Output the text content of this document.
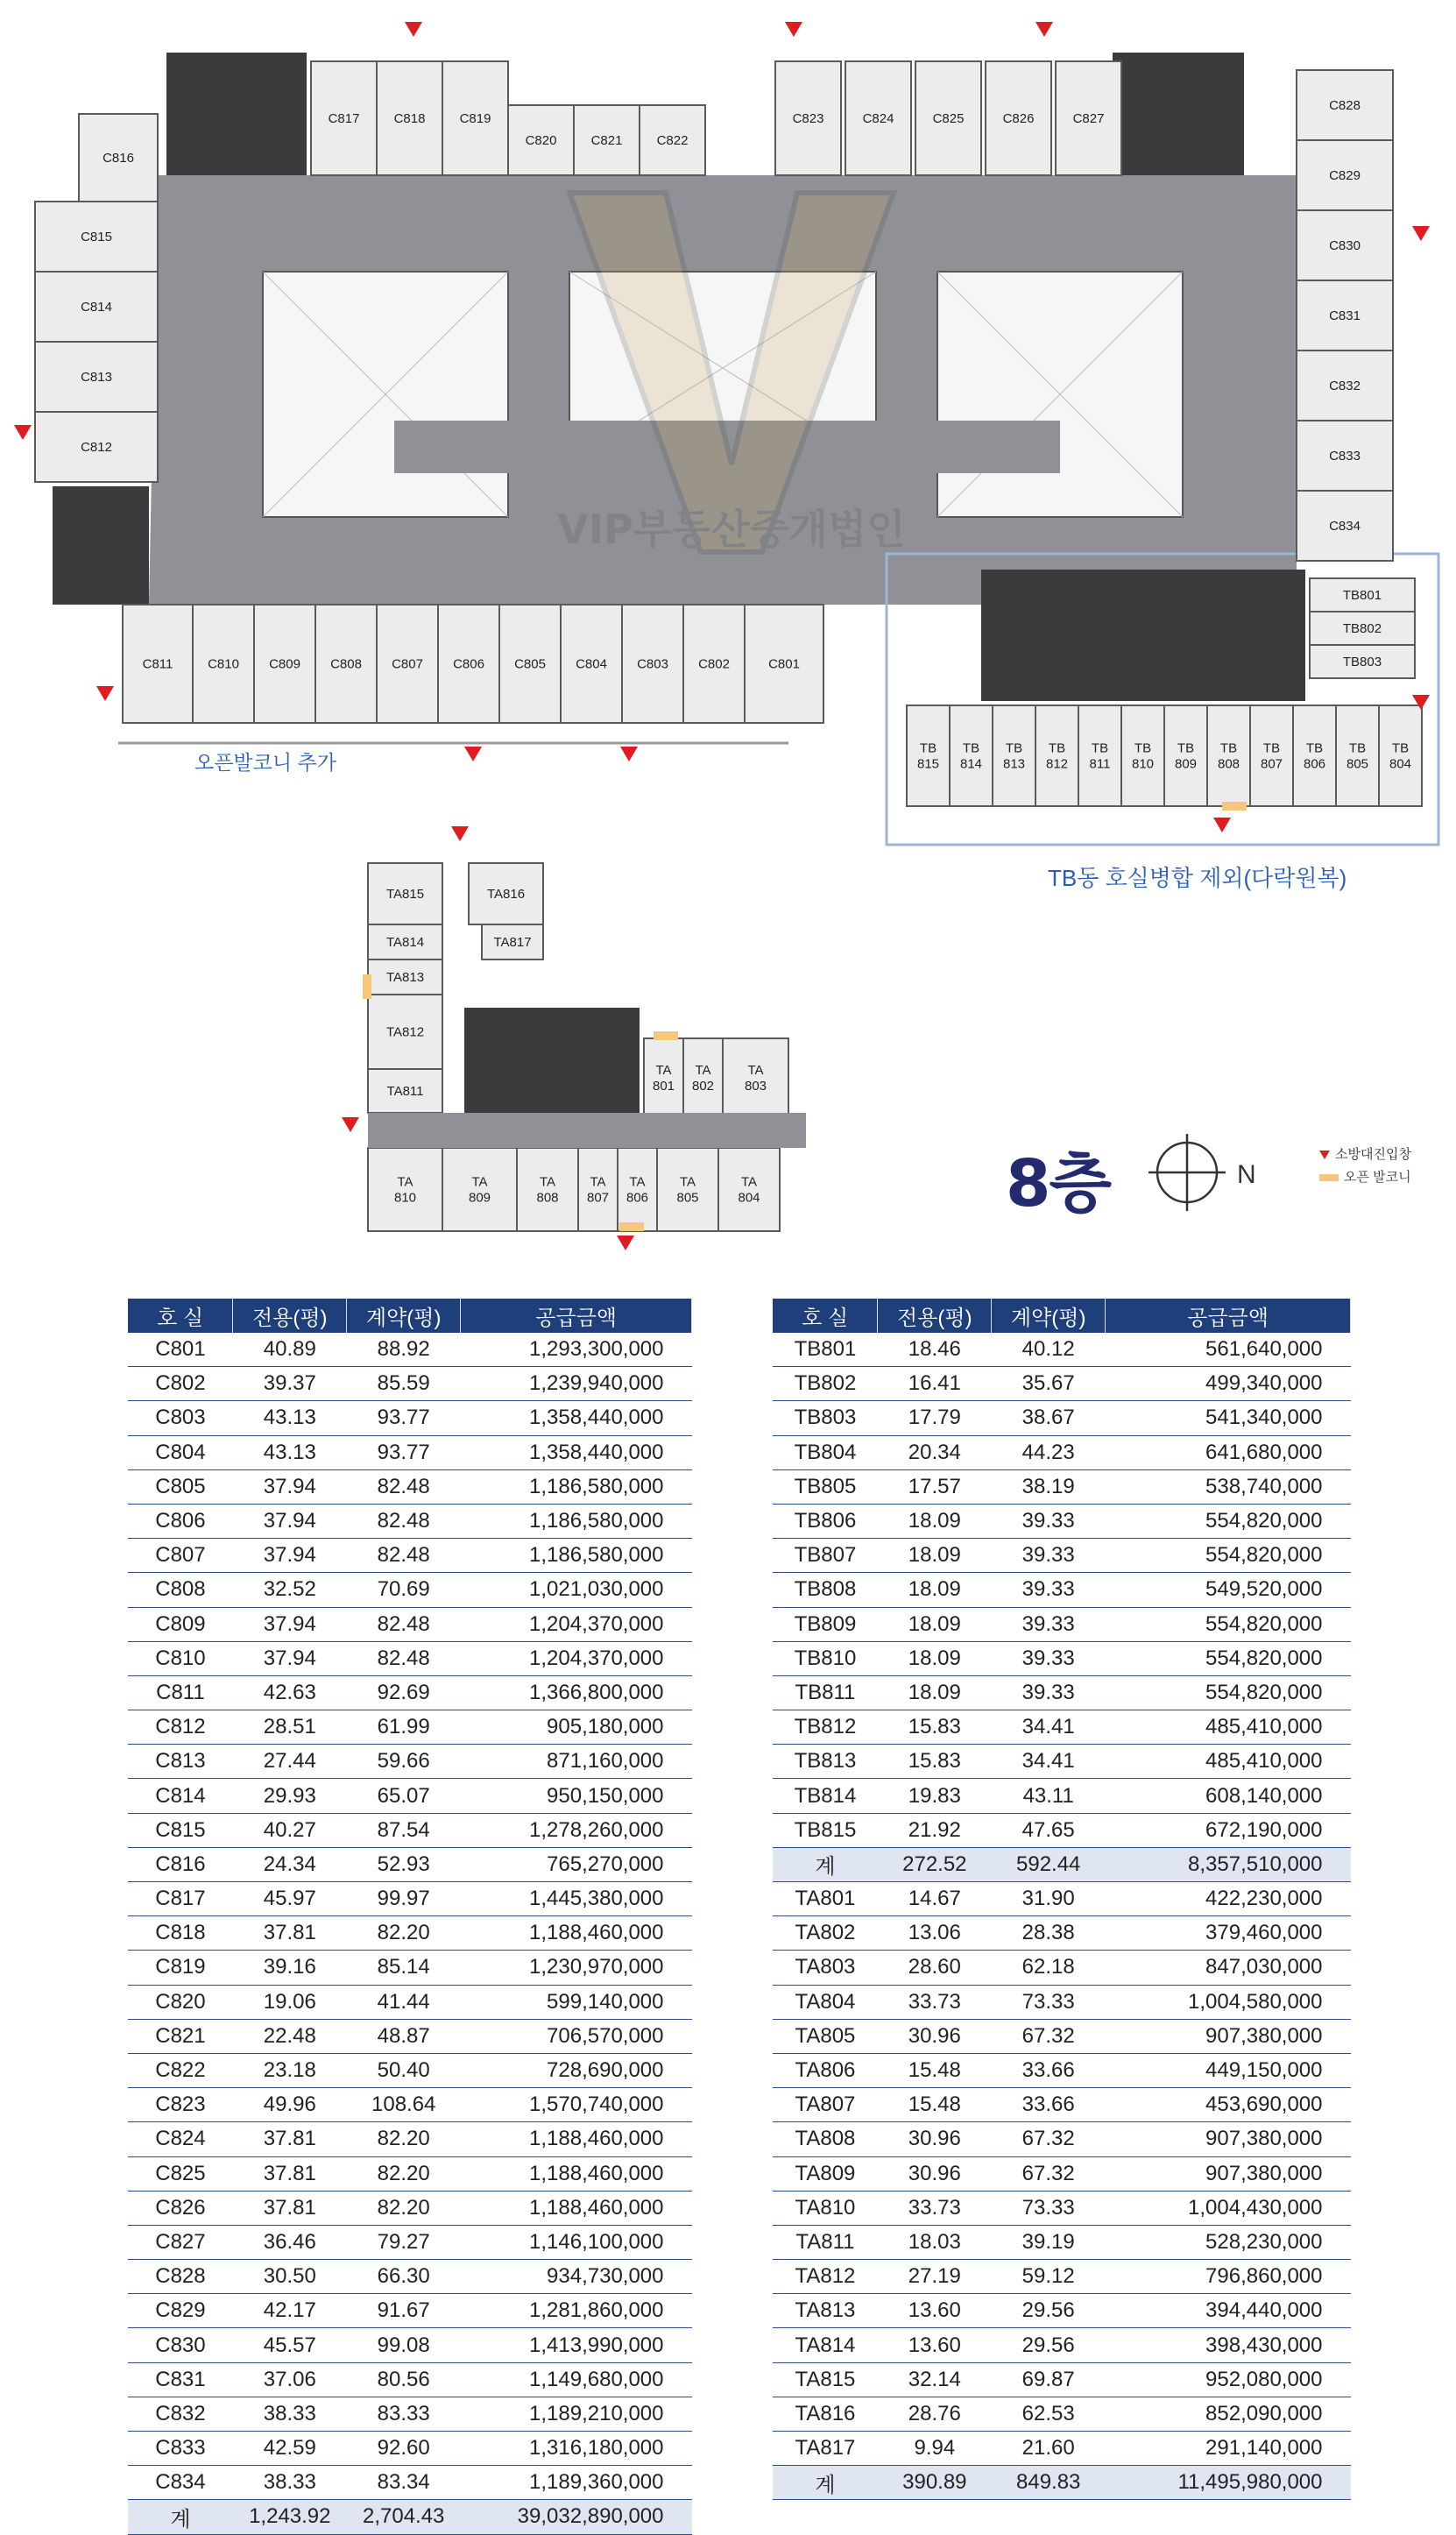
C817	C818	C819
C820	C821	C822
C823	C824	C825	C826	C827
C828
C829
C830
C831
C832
C833
C834
C816
C815
C814
C813
C812
C811	C810 C809 C808 C807 C806 C805 C804 C803 C802	C801
TB801
TB802
TB803
TB
815
TB
814
TB
813
TB
812
TB
811
TB
810
TB
809
TB
808
TB
807
TB
806
TB
805
TB
804
TA815
TA814
TA813
TA812
TA811
TA816
TA817
TA
801
TA
802
TA
803
TA
810
TA
809
TA
808
TA
807
TA
806
TA
805
TA
804
N
VIP부동산중개법인
오픈발코니 추가
TB동 호실병합 제외(다락원복)
8층	소방대진입창
오픈 발코니
호 실	전용(평)	계약(평)	공급금액
C801	40.89	88.92	1,293,300,000
C802	39.37	85.59	1,239,940,000
C803	43.13	93.77	1,358,440,000
C804	43.13	93.77	1,358,440,000
C805	37.94	82.48	1,186,580,000
C806	37.94	82.48	1,186,580,000
C807	37.94	82.48	1,186,580,000
C808	32.52	70.69	1,021,030,000
C809	37.94	82.48	1,204,370,000
C810	37.94	82.48	1,204,370,000
C811	42.63	92.69	1,366,800,000
C812	28.51	61.99	905,180,000
C813	27.44	59.66	871,160,000
C814	29.93	65.07	950,150,000
C815	40.27	87.54	1,278,260,000
C816	24.34	52.93	765,270,000
C817	45.97	99.97	1,445,380,000
C818	37.81	82.20	1,188,460,000
C819	39.16	85.14	1,230,970,000
C820	19.06	41.44	599,140,000
C821	22.48	48.87	706,570,000
C822	23.18	50.40	728,690,000
C823	49.96	108.64	1,570,740,000
C824	37.81	82.20	1,188,460,000
C825	37.81	82.20	1,188,460,000
C826	37.81	82.20	1,188,460,000
C827	36.46	79.27	1,146,100,000
C828	30.50	66.30	934,730,000
C829	42.17	91.67	1,281,860,000
C830	45.57	99.08	1,413,990,000
C831	37.06	80.56	1,149,680,000
C832	38.33	83.33	1,189,210,000
C833	42.59	92.60	1,316,180,000
C834	38.33	83.34	1,189,360,000
계	1,243.92	2,704.43	39,032,890,000
호 실	전용(평)	계약(평)	공급금액
TB801	18.46	40.12	561,640,000
TB802	16.41	35.67	499,340,000
TB803	17.79	38.67	541,340,000
TB804	20.34	44.23	641,680,000
TB805	17.57	38.19	538,740,000
TB806	18.09	39.33	554,820,000
TB807	18.09	39.33	554,820,000
TB808	18.09	39.33	549,520,000
TB809	18.09	39.33	554,820,000
TB810	18.09	39.33	554,820,000
TB811	18.09	39.33	554,820,000
TB812	15.83	34.41	485,410,000
TB813	15.83	34.41	485,410,000
TB814	19.83	43.11	608,140,000
TB815	21.92	47.65	672,190,000
계	272.52	592.44	8,357,510,000
TA801	14.67	31.90	422,230,000
TA802	13.06	28.38	379,460,000
TA803	28.60	62.18	847,030,000
TA804	33.73	73.33	1,004,580,000
TA805	30.96	67.32	907,380,000
TA806	15.48	33.66	449,150,000
TA807	15.48	33.66	453,690,000
TA808	30.96	67.32	907,380,000
TA809	30.96	67.32	907,380,000
TA810	33.73	73.33	1,004,430,000
TA811	18.03	39.19	528,230,000
TA812	27.19	59.12	796,860,000
TA813	13.60	29.56	394,440,000
TA814	13.60	29.56	398,430,000
TA815	32.14	69.87	952,080,000
TA816	28.76	62.53	852,090,000
TA817	9.94	21.60	291,140,000
계	390.89	849.83	11,495,980,000
